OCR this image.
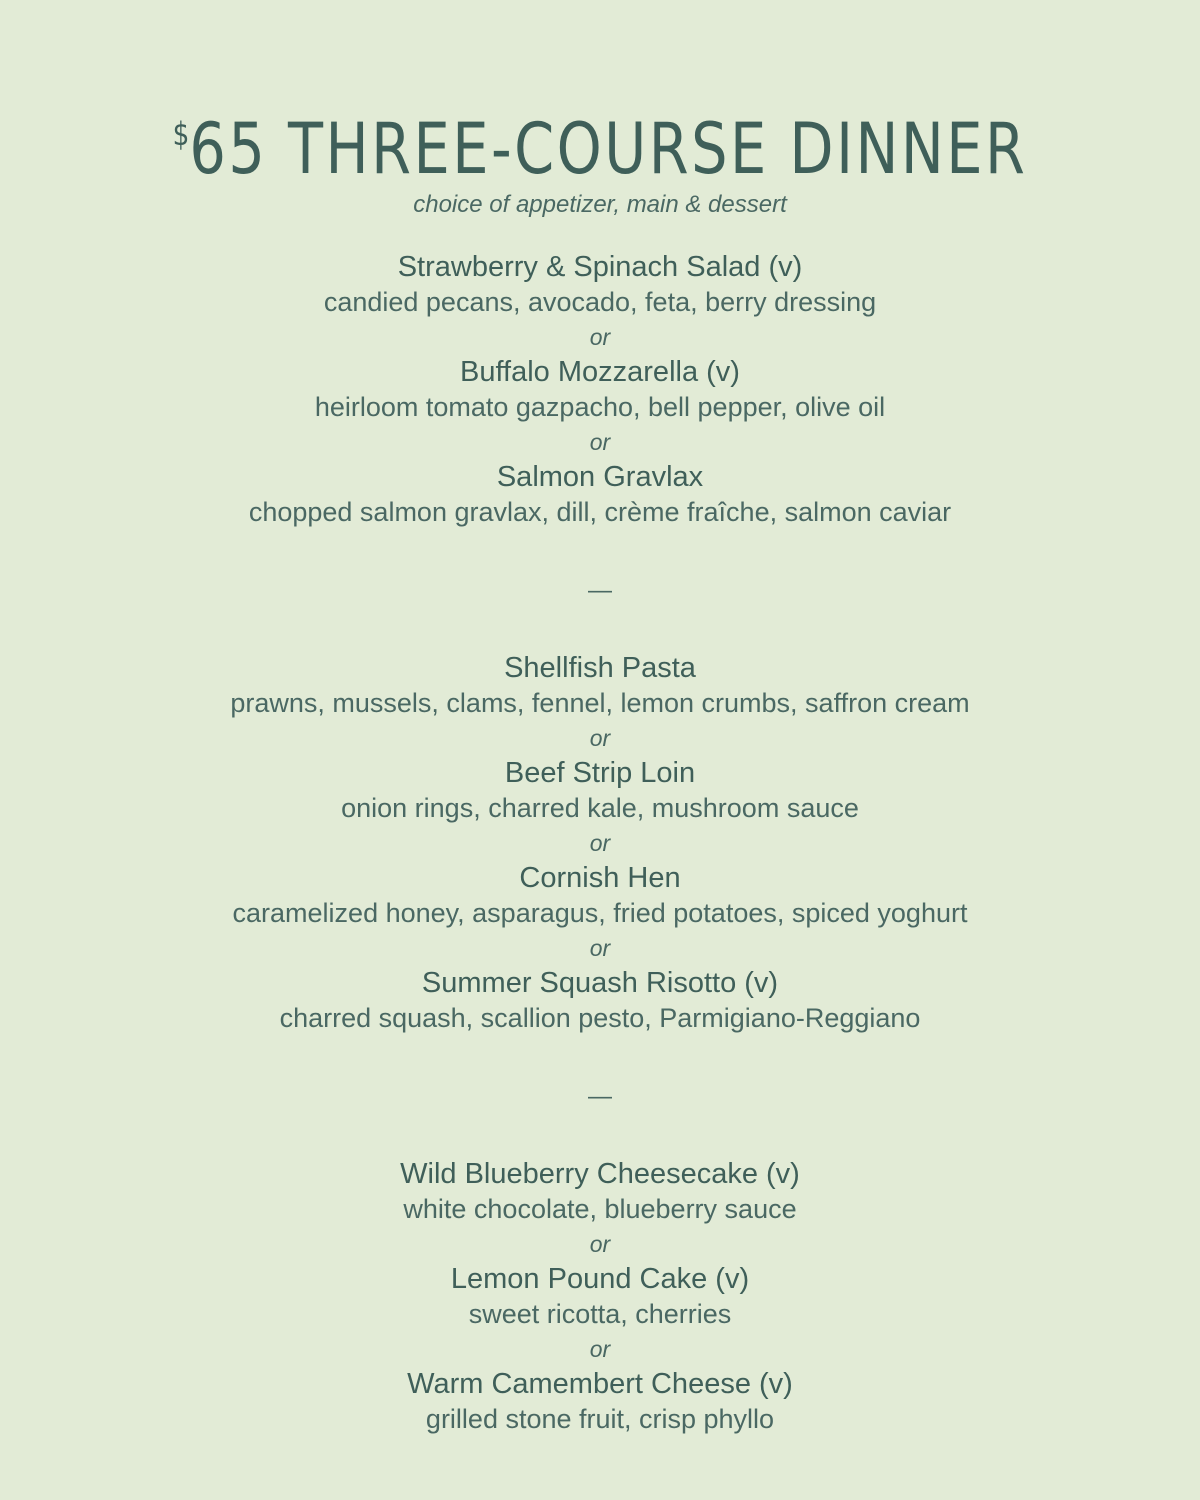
$65 THREE-COURSE DINNER
choice of appetizer, main & dessert
Strawberry & Spinach Salad (v)
candied pecans, avocado, feta, berry dressing
or
Buffalo Mozzarella (v)
heirloom tomato gazpacho, bell pepper, olive oil
or
Salmon Gravlax
chopped salmon gravlax, dill, crème fraîche, salmon caviar
—
Shellfish Pasta
prawns, mussels, clams, fennel, lemon crumbs, saffron cream
or
Beef Strip Loin
onion rings, charred kale, mushroom sauce
or
Cornish Hen
caramelized honey, asparagus, fried potatoes, spiced yoghurt
or
Summer Squash Risotto (v)
charred squash, scallion pesto, Parmigiano-Reggiano
—
Wild Blueberry Cheesecake (v)
white chocolate, blueberry sauce
or
Lemon Pound Cake (v)
sweet ricotta, cherries
or
Warm Camembert Cheese (v)
grilled stone fruit, crisp phyllo
